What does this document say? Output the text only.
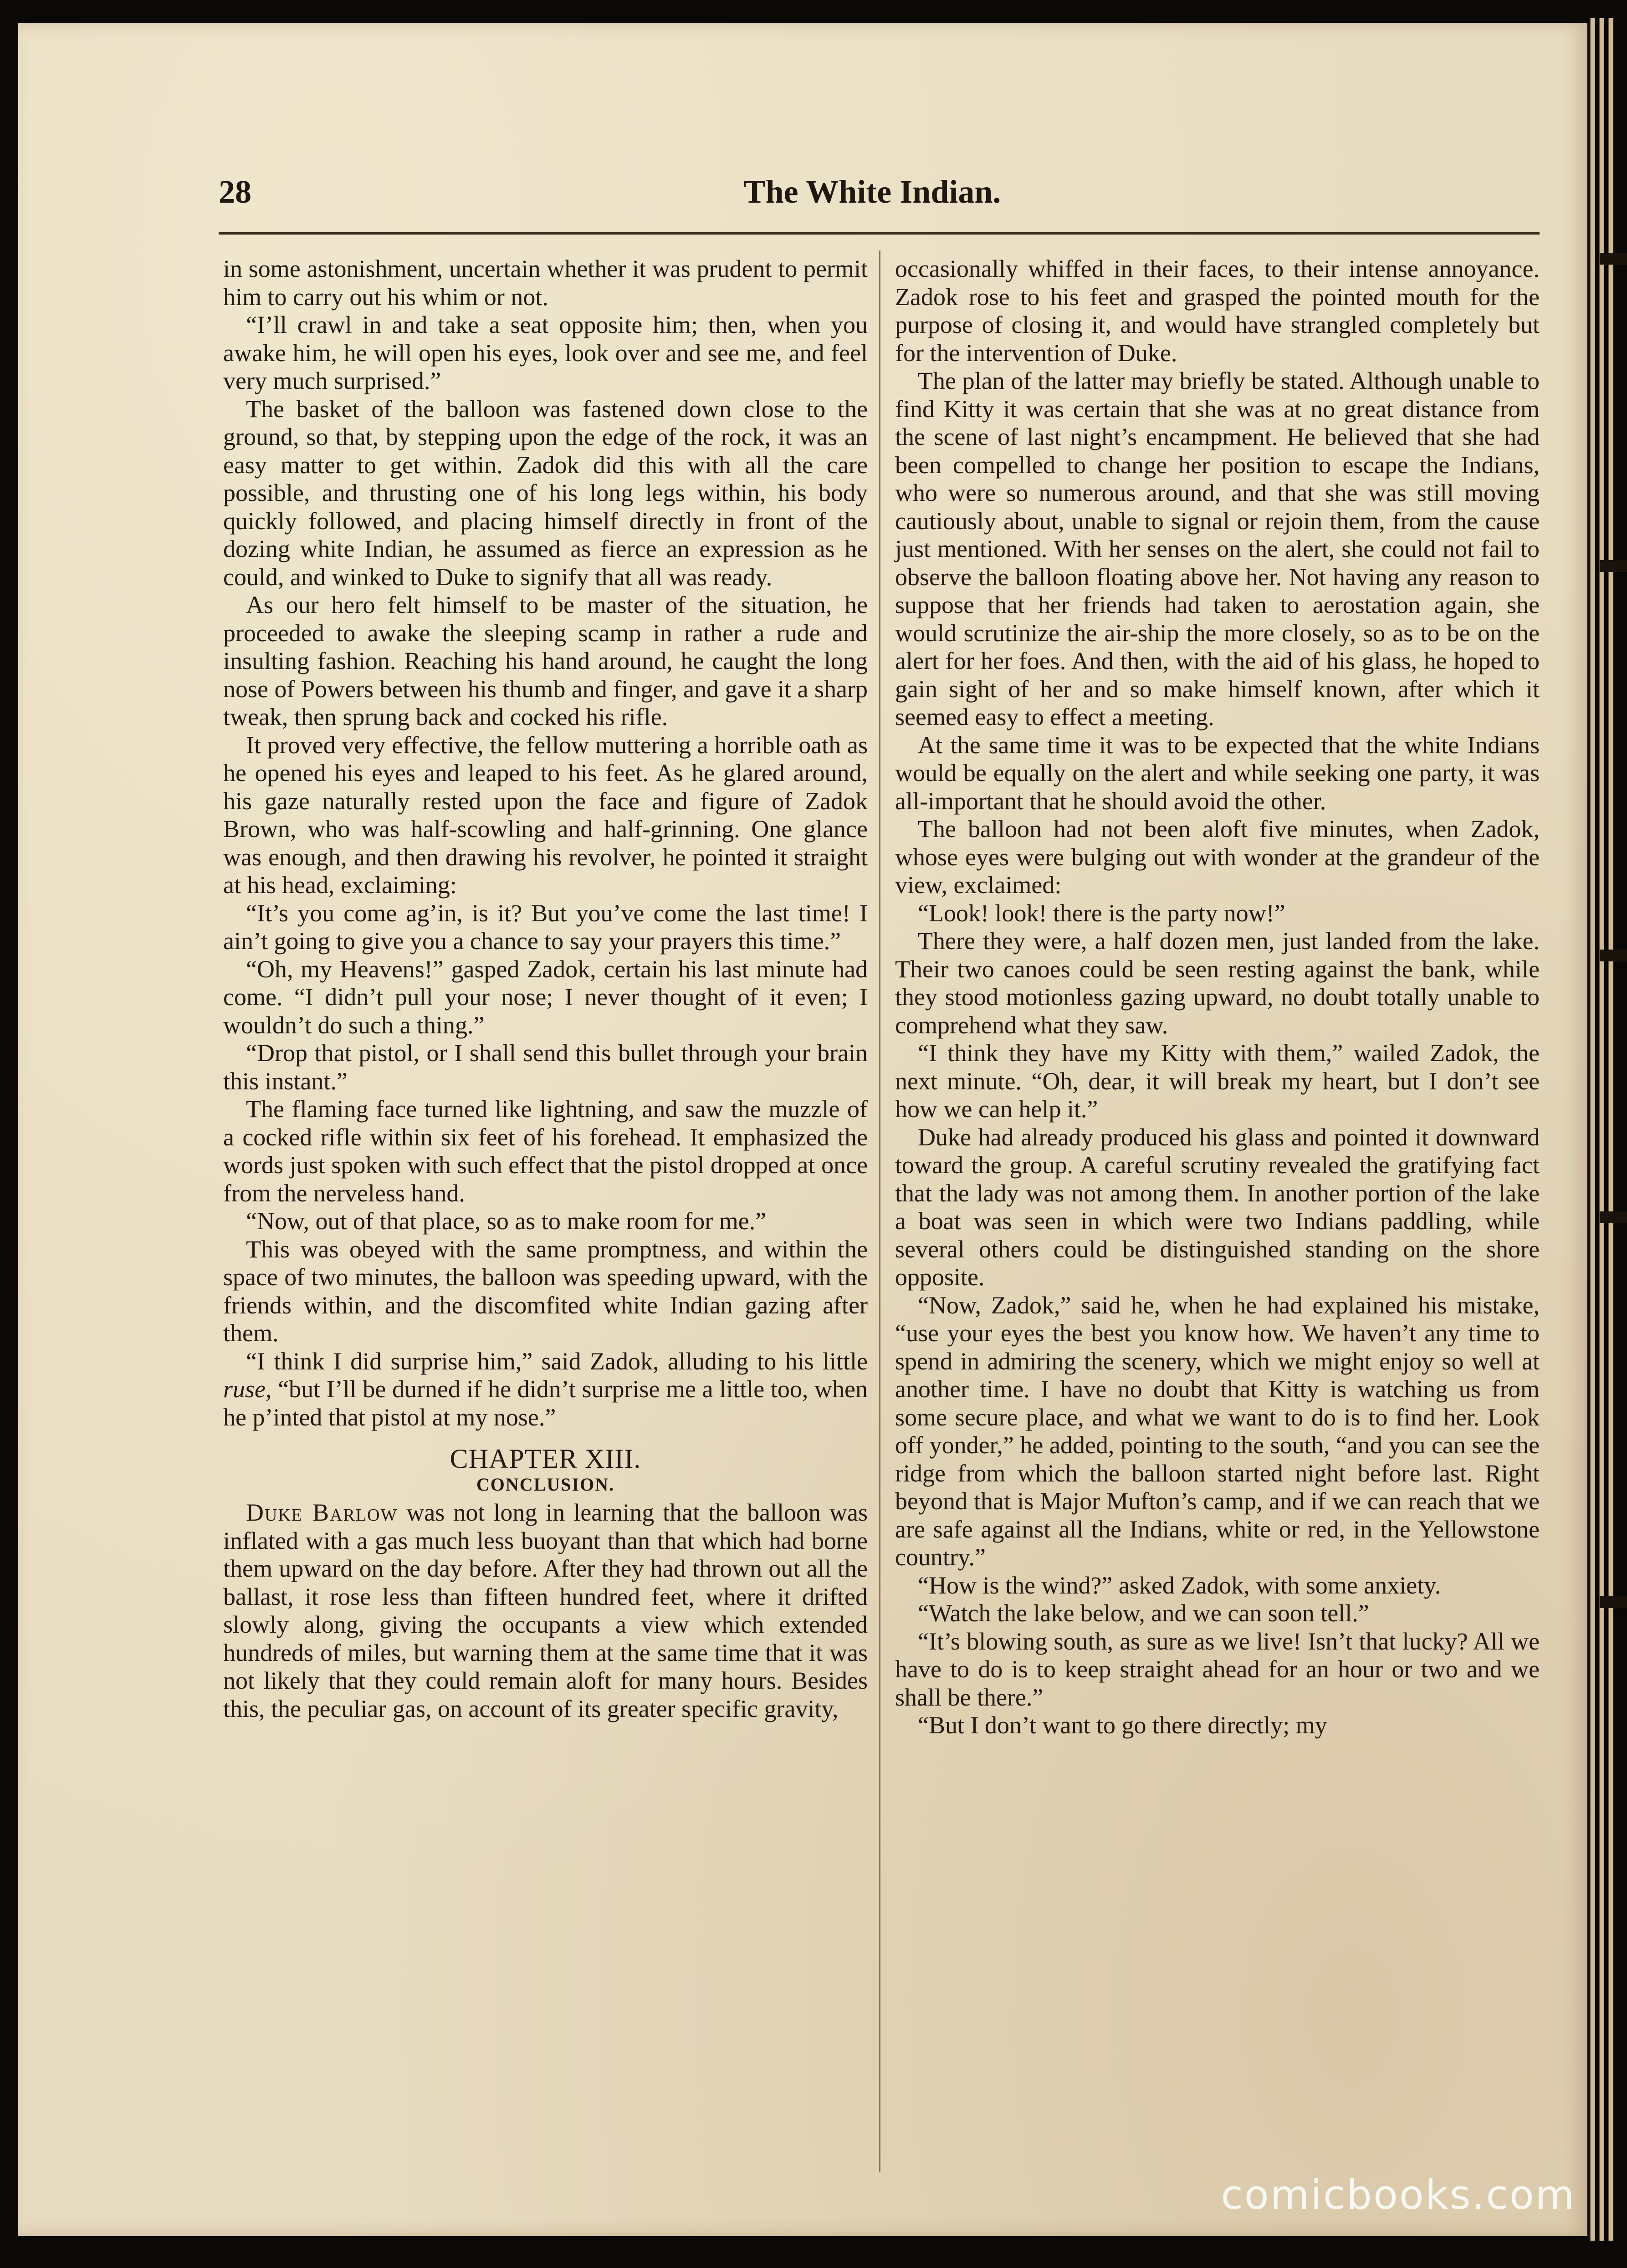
28	The White Indian.

in some astonishment, uncertain whether it was prudent to permit him to carry out his whim or not.

“I’ll crawl in and take a seat opposite him; then, when you awake him, he will open his eyes, look over and see me, and feel very much surprised.”

The basket of the balloon was fastened down close to the ground, so that, by stepping upon the edge of the rock, it was an easy matter to get within. Zadok did this with all the care possible, and thrusting one of his long legs within, his body quickly followed, and placing himself directly in front of the dozing white Indian, he assumed as fierce an expression as he could, and winked to Duke to signify that all was ready.

As our hero felt himself to be master of the situation, he proceeded to awake the sleeping scamp in rather a rude and insulting fashion. Reaching his hand around, he caught the long nose of Powers between his thumb and finger, and gave it a sharp tweak, then sprung back and cocked his rifle.

It proved very effective, the fellow muttering a horrible oath as he opened his eyes and leaped to his feet. As he glared around, his gaze naturally rested upon the face and figure of Zadok Brown, who was half-scowling and half-grinning. One glance was enough, and then drawing his revolver, he pointed it straight at his head, exclaiming:

“It’s you come ag’in, is it? But you’ve come the last time! I ain’t going to give you a chance to say your prayers this time.”

“Oh, my Heavens!” gasped Zadok, certain his last minute had come. “I didn’t pull your nose; I never thought of it even; I wouldn’t do such a thing.”

“Drop that pistol, or I shall send this bullet through your brain this instant.”

The flaming face turned like lightning, and saw the muzzle of a cocked rifle within six feet of his forehead. It emphasized the words just spoken with such effect that the pistol dropped at once from the nerveless hand.

“Now, out of that place, so as to make room for me.”

This was obeyed with the same promptness, and within the space of two minutes, the balloon was speeding upward, with the friends within, and the discomfited white Indian gazing after them.

“I think I did surprise him,” said Zadok, alluding to his little ruse, “but I’ll be durned if he didn’t surprise me a little too, when he p’inted that pistol at my nose.”

CHAPTER XIII.
CONCLUSION.

Duke Barlow was not long in learning that the balloon was inflated with a gas much less buoyant than that which had borne them upward on the day before. After they had thrown out all the ballast, it rose less than fifteen hundred feet, where it drifted slowly along, giving the occupants a view which extended hundreds of miles, but warning them at the same time that it was not likely that they could remain aloft for many hours. Besides this, the peculiar gas, on account of its greater specific gravity,

occasionally whiffed in their faces, to their intense annoyance. Zadok rose to his feet and grasped the pointed mouth for the purpose of closing it, and would have strangled completely but for the intervention of Duke.

The plan of the latter may briefly be stated. Although unable to find Kitty it was certain that she was at no great distance from the scene of last night’s encampment. He believed that she had been compelled to change her position to escape the Indians, who were so numerous around, and that she was still moving cautiously about, unable to signal or rejoin them, from the cause just mentioned. With her senses on the alert, she could not fail to observe the balloon floating above her. Not having any reason to suppose that her friends had taken to aerostation again, she would scrutinize the air-ship the more closely, so as to be on the alert for her foes. And then, with the aid of his glass, he hoped to gain sight of her and so make himself known, after which it seemed easy to effect a meeting.

At the same time it was to be expected that the white Indians would be equally on the alert and while seeking one party, it was all-important that he should avoid the other.

The balloon had not been aloft five minutes, when Zadok, whose eyes were bulging out with wonder at the grandeur of the view, exclaimed:

“Look! look! there is the party now!”

There they were, a half dozen men, just landed from the lake. Their two canoes could be seen resting against the bank, while they stood motionless gazing upward, no doubt totally unable to comprehend what they saw.

“I think they have my Kitty with them,” wailed Zadok, the next minute. “Oh, dear, it will break my heart, but I don’t see how we can help it.”

Duke had already produced his glass and pointed it downward toward the group. A careful scrutiny revealed the gratifying fact that the lady was not among them. In another portion of the lake a boat was seen in which were two Indians paddling, while several others could be distinguished standing on the shore opposite.

“Now, Zadok,” said he, when he had explained his mistake, “use your eyes the best you know how. We haven’t any time to spend in admiring the scenery, which we might enjoy so well at another time. I have no doubt that Kitty is watching us from some secure place, and what we want to do is to find her. Look off yonder,” he added, pointing to the south, “and you can see the ridge from which the balloon started night before last. Right beyond that is Major Mufton’s camp, and if we can reach that we are safe against all the Indians, white or red, in the Yellowstone country.”

“How is the wind?” asked Zadok, with some anxiety.

“Watch the lake below, and we can soon tell.”

“It’s blowing south, as sure as we live! Isn’t that lucky? All we have to do is to keep straight ahead for an hour or two and we shall be there.”

“But I don’t want to go there directly; my

comicbooks.com
